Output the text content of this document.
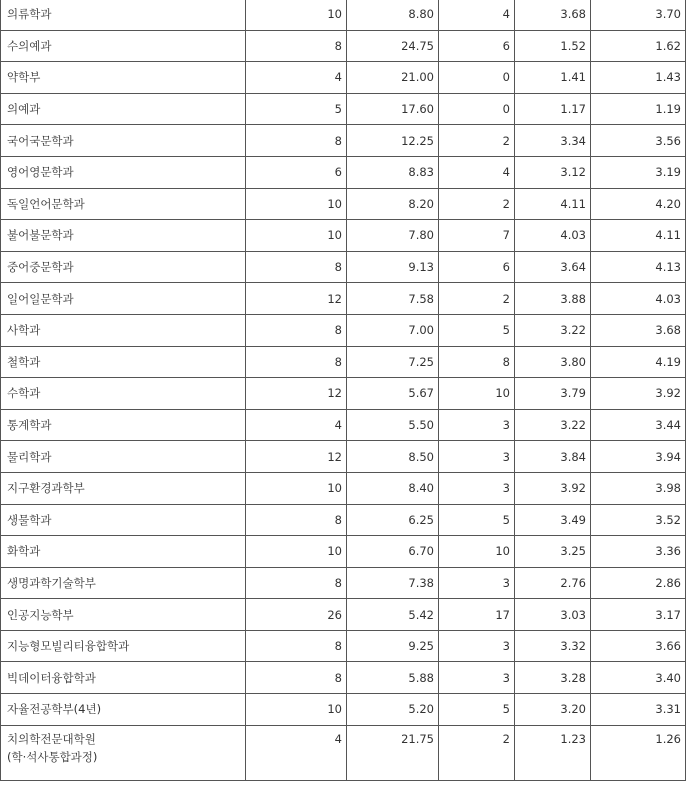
의류학과	10	8.80	4	3.68	3.70	
수의예과	8	24.75	6	1.52	1.62	
약학부	4	21.00	0	1.41	1.43	
의예과	5	17.60	0	1.17	1.19	
국어국문학과	8	12.25	2	3.34	3.56	
영어영문학과	6	8.83	4	3.12	3.19	
독일언어문학과	10	8.20	2	4.11	4.20	
불어불문학과	10	7.80	7	4.03	4.11	
중어중문학과	8	9.13	6	3.64	4.13	
일어일문학과	12	7.58	2	3.88	4.03	
사학과	8	7.00	5	3.22	3.68	
철학과	8	7.25	8	3.80	4.19	
수학과	12	5.67	10	3.79	3.92	
통계학과	4	5.50	3	3.22	3.44	
물리학과	12	8.50	3	3.84	3.94	
지구환경과학부	10	8.40	3	3.92	3.98	
생물학과	8	6.25	5	3.49	3.52	
화학과	10	6.70	10	3.25	3.36	
생명과학기술학부	8	7.38	3	2.76	2.86	
인공지능학부	26	5.42	17	3.03	3.17	
지능형모빌리티융합학과	8	9.25	3	3.32	3.66	
빅데이터융합학과	8	5.88	3	3.28	3.40	
자율전공학부(4년)	10	5.20	5	3.20	3.31	

치의학전문대학원
(학·석사통합과정)	4	21.75	2	1.23	1.26	
